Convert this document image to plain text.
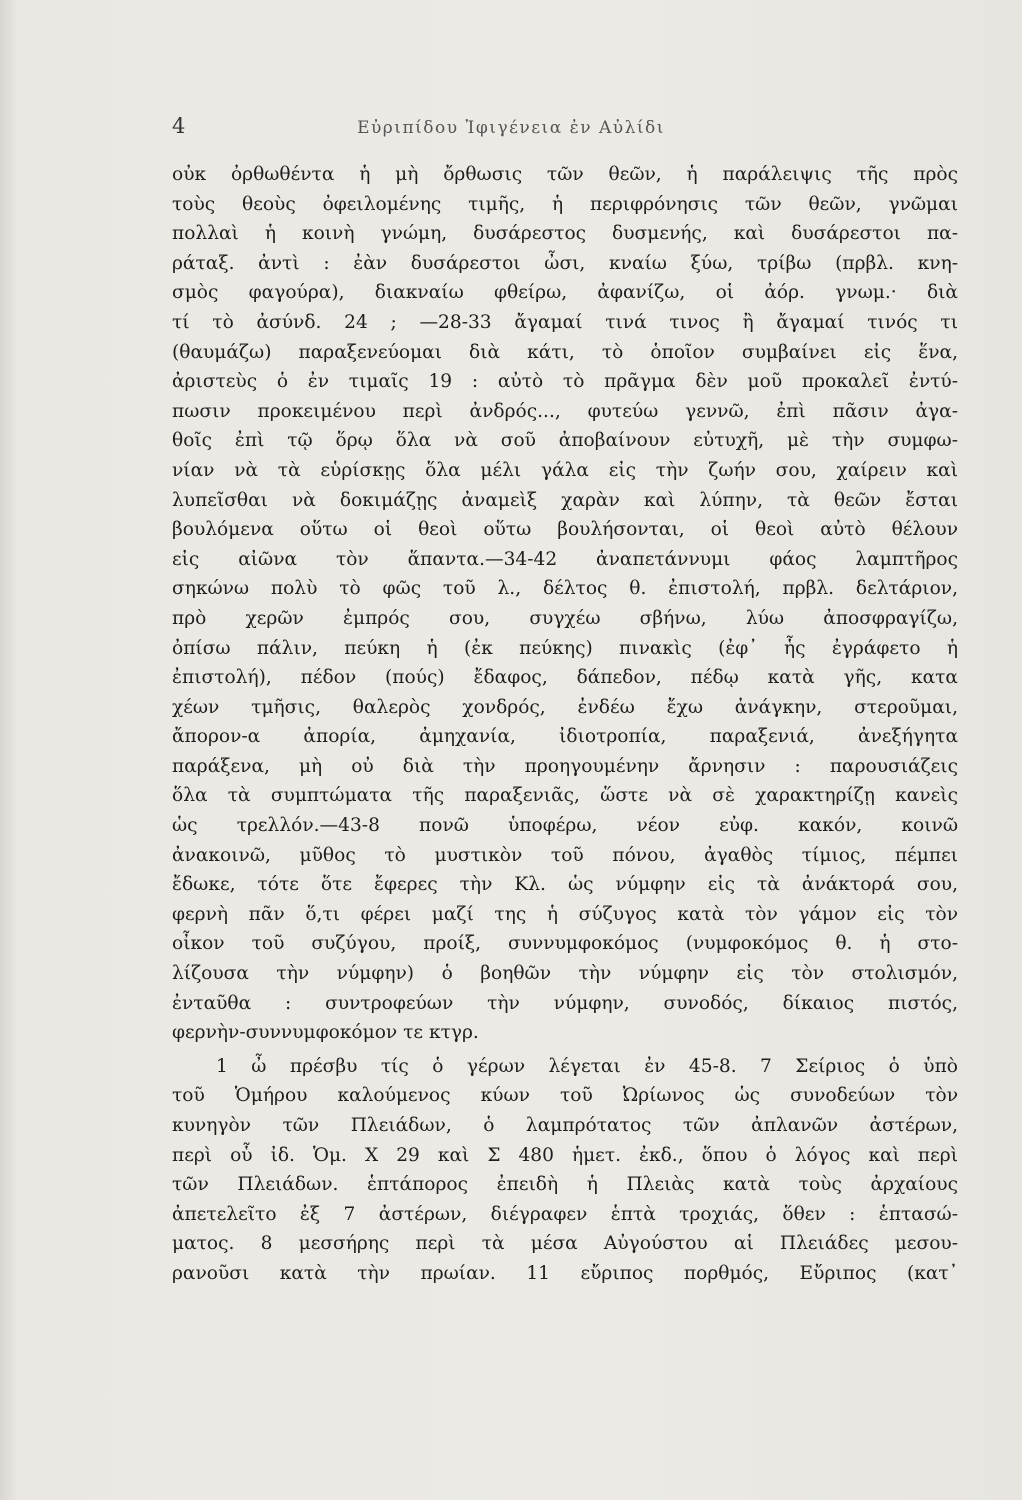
4	Εὐριπίδου Ἰφιγένεια ἐν Αὐλίδι
οὐκ ὀρθωθέντα ἡ μὴ ὄρθωσις τῶν θεῶν, ἡ παράλειψις τῆς πρὸς
τοὺς θεοὺς ὀφειλομένης τιμῆς, ἡ περιφρόνησις τῶν θεῶν, γνῶμαι
πολλαὶ ἡ κοινὴ γνώμη, δυσάρεστος δυσμενής, καὶ δυσάρεστοι πα-
ράταξ. ἀντὶ : ἐὰν δυσάρεστοι ὦσι, κναίω ξύω, τρίβω (πρβλ. κνη-
σμὸς φαγούρα), διακναίω φθείρω, ἀφανίζω, οἱ ἀόρ. γνωμ.· διὰ
τί τὸ ἀσύνδ. 24 ; —28-33 ἄγαμαί τινά τινος ἢ ἄγαμαί τινός τι
(θαυμάζω) παραξενεύομαι διὰ κάτι, τὸ ὁποῖον συμβαίνει εἰς ἕνα,
ἀριστεὺς ὁ ἐν τιμαῖς 19 : αὐτὸ τὸ πρᾶγμα δὲν μοῦ προκαλεῖ ἐντύ-
πωσιν προκειμένου περὶ ἀνδρός..., φυτεύω γεννῶ, ἐπὶ πᾶσιν ἀγα-
θοῖς ἐπὶ τῷ ὅρῳ ὅλα νὰ σοῦ ἀποβαίνουν εὐτυχῆ, μὲ τὴν συμφω-
νίαν νὰ τὰ εὑρίσκῃς ὅλα μέλι γάλα εἰς τὴν ζωήν σου, χαίρειν καὶ
λυπεῖσθαι νὰ δοκιμάζῃς ἀναμεὶξ χαρὰν καὶ λύπην, τὰ θεῶν ἔσται
βουλόμενα οὕτω οἱ θεοὶ οὕτω βουλήσονται, οἱ θεοὶ αὐτὸ θέλουν
εἰς αἰῶνα τὸν ἅπαντα.—34-42 ἀναπετάννυμι φάος λαμπτῆρος
σηκώνω πολὺ τὸ φῶς τοῦ λ., δέλτος θ. ἐπιστολή, πρβλ. δελτάριον,
πρὸ χερῶν ἐμπρός σου, συγχέω σβήνω, λύω ἀποσφραγίζω,
ὀπίσω πάλιν, πεύκη ἡ (ἐκ πεύκης) πινακὶς (ἐφ᾽ ἧς ἐγράφετο ἡ
ἐπιστολή), πέδον (πούς) ἔδαφος, δάπεδον, πέδῳ κατὰ γῆς, κατα
χέων τμῆσις, θαλερὸς χονδρός, ἐνδέω ἔχω ἀνάγκην, στεροῦμαι,
ἄπορον-α ἀπορία, ἀμηχανία, ἰδιοτροπία, παραξενιά, ἀνεξήγητα
παράξενα, μὴ οὐ διὰ τὴν προηγουμένην ἄρνησιν : παρουσιάζεις
ὅλα τὰ συμπτώματα τῆς παραξενιᾶς, ὥστε νὰ σὲ χαρακτηρίζῃ κανεὶς
ὡς τρελλόν.—43-8 πονῶ ὑποφέρω, νέον εὐφ. κακόν, κοινῶ
ἀνακοινῶ, μῦθος τὸ μυστικὸν τοῦ πόνου, ἀγαθὸς τίμιος, πέμπει
ἔδωκε, τότε ὅτε ἔφερες τὴν Κλ. ὡς νύμφην εἰς τὰ ἀνάκτορά σου,
φερνὴ πᾶν ὅ,τι φέρει μαζί της ἡ σύζυγος κατὰ τὸν γάμον εἰς τὸν
οἶκον τοῦ συζύγου, προίξ, συννυμφοκόμος (νυμφοκόμος θ. ἡ στο-
λίζουσα τὴν νύμφην) ὁ βοηθῶν τὴν νύμφην εἰς τὸν στολισμόν,
ἐνταῦθα : συντροφεύων τὴν νύμφην, συνοδός, δίκαιος πιστός,
φερνὴν-συννυμφοκόμον τε κτγρ.
1 ὦ πρέσβυ τίς ὁ γέρων λέγεται ἐν 45-8. 7 Σείριος ὁ ὑπὸ
τοῦ Ὁμήρου καλούμενος κύων τοῦ Ὠρίωνος ὡς συνοδεύων τὸν
κυνηγὸν τῶν Πλειάδων, ὁ λαμπρότατος τῶν ἀπλανῶν ἀστέρων,
περὶ οὗ ἰδ. Ὁμ. Χ 29 καὶ Σ 480 ἡμετ. ἐκδ., ὅπου ὁ λόγος καὶ περὶ
τῶν Πλειάδων. ἑπτάπορος ἐπειδὴ ἡ Πλειὰς κατὰ τοὺς ἀρχαίους
ἀπετελεῖτο ἐξ 7 ἀστέρων, διέγραφεν ἑπτὰ τροχιάς, ὅθεν : ἑπτασώ-
ματος. 8 μεσσήρης περὶ τὰ μέσα Αὐγούστου αἱ Πλειάδες μεσου-
ρανοῦσι κατὰ τὴν πρωίαν. 11 εὔριπος πορθμός, Εὔριπος (κατ᾽
